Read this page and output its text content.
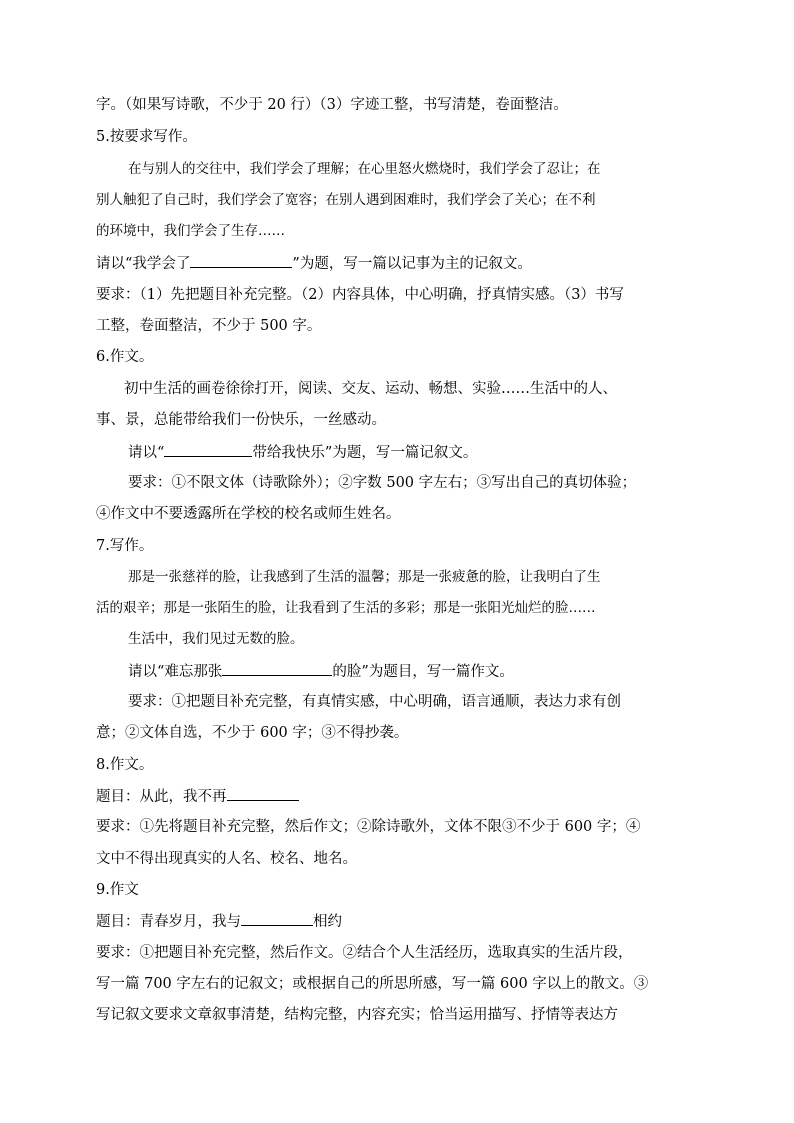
字。（如果写诗歌，不少于 20 行）（3）字迹工整，书写清楚，卷面整洁。
5.按要求写作。
在与别人的交往中，我们学会了理解；在心里怒火燃烧时，我们学会了忍让；在
别人触犯了自己时，我们学会了宽容；在别人遇到困难时，我们学会了关心；在不利
的环境中，我们学会了生存……
请以“我学会了	”为题，写一篇以记事为主的记叙文。
要求：（1）先把题目补充完整。（2）内容具体，中心明确，抒真情实感。（3）书写
工整，卷面整洁，不少于 500 字。
6.作文。
初中生活的画卷徐徐打开，阅读、交友、运动、畅想、实验……生活中的人、
事、景，总能带给我们一份快乐，一丝感动。
请以“	带给我快乐”为题，写一篇记叙文。
要求：①不限文体（诗歌除外）；②字数 500 字左右；③写出自己的真切体验；
④作文中不要透露所在学校的校名或师生姓名。
7.写作。
那是一张慈祥的脸，让我感到了生活的温馨；那是一张疲惫的脸，让我明白了生
活的艰辛；那是一张陌生的脸，让我看到了生活的多彩；那是一张阳光灿烂的脸……
生活中，我们见过无数的脸。
请以“难忘那张	的脸”为题目，写一篇作文。
要求：①把题目补充完整，有真情实感，中心明确，语言通顺，表达力求有创
意；②文体自选，不少于 600 字；③不得抄袭。
8.作文。
题目：从此，我不再
要求：①先将题目补充完整，然后作文；②除诗歌外，文体不限③不少于 600 字；④
文中不得出现真实的人名、校名、地名。
9.作文
题目：青春岁月，我与	相约
要求：①把题目补充完整，然后作文。②结合个人生活经历，选取真实的生活片段，
写一篇 700 字左右的记叙文；或根据自己的所思所感，写一篇 600 字以上的散文。③
写记叙文要求文章叙事清楚，结构完整，内容充实；恰当运用描写、抒情等表达方
